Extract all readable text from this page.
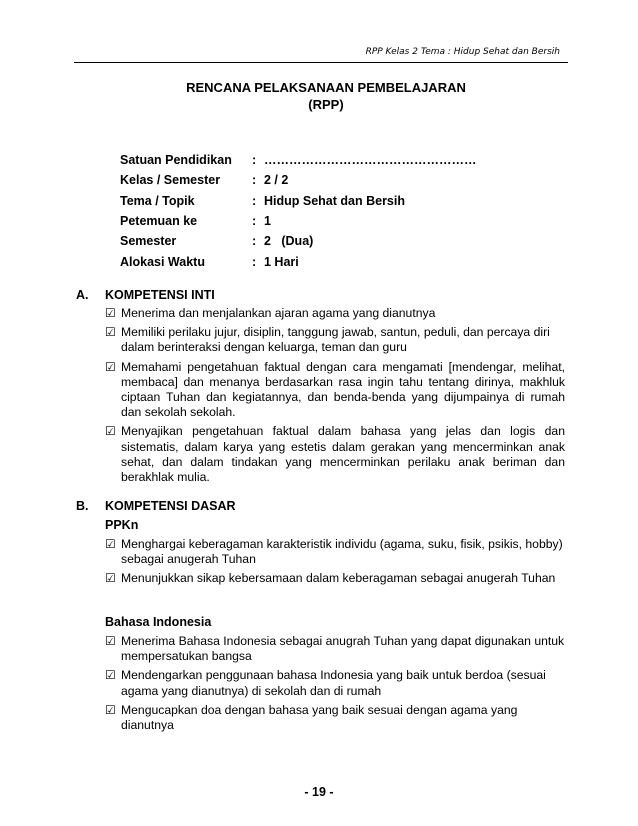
RPP Kelas 2 Tema : Hidup Sehat dan Bersih
RENCANA PELAKSANAAN PEMBELAJARAN
(RPP)
Satuan Pendidikan	: ……………………………………………
Kelas / Semester	: 2 / 2
Tema / Topik	: Hidup Sehat dan Bersih
Petemuan ke	: 1
Semester	: 2   (Dua)
Alokasi Waktu	: 1 Hari
A.	KOMPETENSI INTI
☑ Menerima dan menjalankan ajaran agama yang dianutnya
☑ Memiliki perilaku jujur, disiplin, tanggung jawab, santun, peduli, dan percaya diri dalam berinteraksi dengan keluarga, teman dan guru
☑ Memahami pengetahuan faktual dengan cara mengamati [mendengar, melihat, membaca] dan menanya berdasarkan rasa ingin tahu tentang dirinya, makhluk ciptaan Tuhan dan kegiatannya, dan benda-benda yang dijumpainya di rumah dan sekolah sekolah.
☑ Menyajikan pengetahuan faktual dalam bahasa yang jelas dan logis dan sistematis, dalam karya yang estetis dalam gerakan yang mencerminkan anak sehat, dan dalam tindakan yang mencerminkan perilaku anak beriman dan berakhlak mulia.
B.	KOMPETENSI DASAR
PPKn
☑ Menghargai keberagaman karakteristik individu (agama, suku, fisik, psikis, hobby) sebagai anugerah Tuhan
☑ Menunjukkan sikap kebersamaan dalam keberagaman sebagai anugerah Tuhan
Bahasa Indonesia
☑ Menerima Bahasa Indonesia sebagai anugrah Tuhan yang dapat digunakan untuk mempersatukan bangsa
☑ Mendengarkan penggunaan bahasa Indonesia yang baik untuk berdoa (sesuai agama yang dianutnya) di sekolah dan di rumah
☑ Mengucapkan doa dengan bahasa yang baik sesuai dengan agama yang dianutnya
- 19 -
